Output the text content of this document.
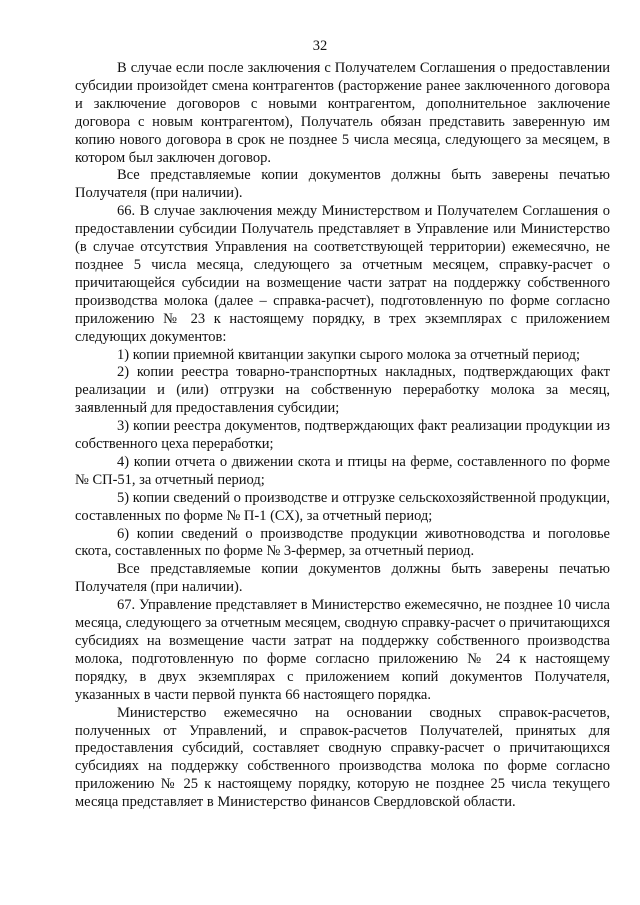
32

В случае если после заключения с Получателем Соглашения о предоставлении субсидии произойдет смена контрагентов (расторжение ранее заключенного договора и заключение договоров с новыми контрагентом, дополнительное заключение договора с новым контрагентом), Получатель обязан представить заверенную им копию нового договора в срок не позднее 5 числа месяца, следующего за месяцем, в котором был заключен договор.

Все представляемые копии документов должны быть заверены печатью Получателя (при наличии).

66. В случае заключения между Министерством и Получателем Соглашения о предоставлении субсидии Получатель представляет в Управление или Министерство (в случае отсутствия Управления на соответствующей территории) ежемесячно, не позднее 5 числа месяца, следующего за отчетным месяцем, справку-расчет о причитающейся субсидии на возмещение части затрат на поддержку собственного производства молока (далее – справка-расчет), подготовленную по форме согласно приложению № 23 к настоящему порядку, в трех экземплярах с приложением следующих документов:

1) копии приемной квитанции закупки сырого молока за отчетный период;

2) копии реестра товарно-транспортных накладных, подтверждающих факт реализации и (или) отгрузки на собственную переработку молока за месяц, заявленный для предоставления субсидии;

3) копии реестра документов, подтверждающих факт реализации продукции из собственного цеха переработки;

4) копии отчета о движении скота и птицы на ферме, составленного по форме № СП-51, за отчетный период;

5) копии сведений о производстве и отгрузке сельскохозяйственной продукции, составленных по форме № П-1 (СХ), за отчетный период;

6) копии сведений о производстве продукции животноводства и поголовье скота, составленных по форме № 3-фермер, за отчетный период.

Все представляемые копии документов должны быть заверены печатью Получателя (при наличии).

67. Управление представляет в Министерство ежемесячно, не позднее 10 числа месяца, следующего за отчетным месяцем, сводную справку-расчет о причитающихся субсидиях на возмещение части затрат на поддержку собственного производства молока, подготовленную по форме согласно приложению № 24 к настоящему порядку, в двух экземплярах с приложением копий документов Получателя, указанных в части первой пункта 66 настоящего порядка.

Министерство ежемесячно на основании сводных справок-расчетов, полученных от Управлений, и справок-расчетов Получателей, принятых для предоставления субсидий, составляет сводную справку-расчет о причитающихся субсидиях на поддержку собственного производства молока по форме согласно приложению № 25 к настоящему порядку, которую не позднее 25 числа текущего месяца представляет в Министерство финансов Свердловской области.
